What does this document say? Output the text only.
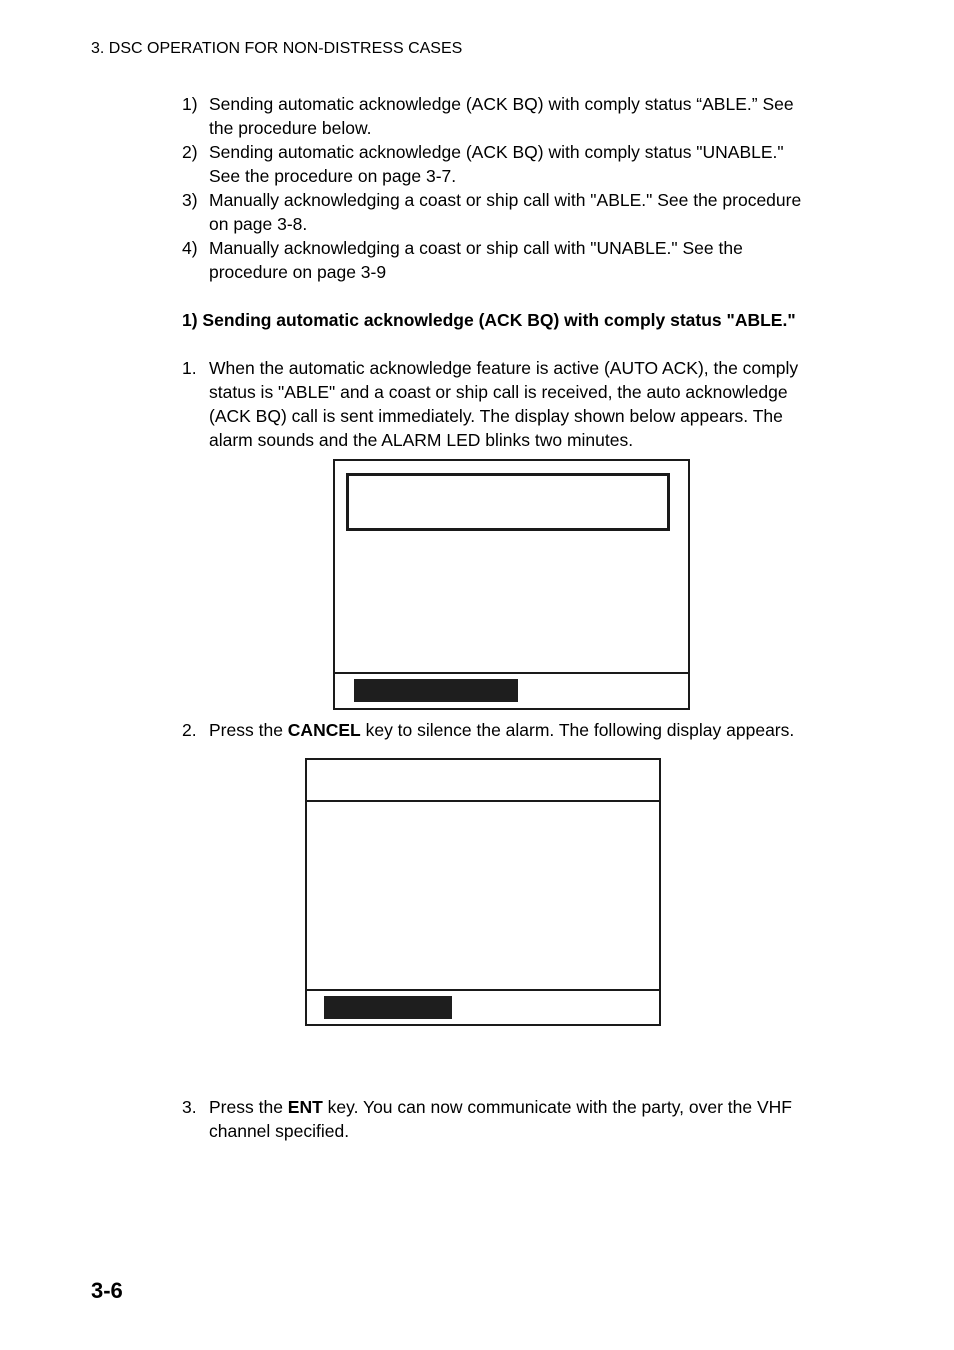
3. DSC OPERATION FOR NON-DISTRESS CASES
1) Sending automatic acknowledge (ACK BQ) with comply status “ABLE.” See
the procedure below.
2) Sending automatic acknowledge (ACK BQ) with comply status "UNABLE."
See the procedure on page 3-7.
3) Manually acknowledging a coast or ship call with "ABLE." See the procedure
on page 3-8.
4) Manually acknowledging a coast or ship call with "UNABLE." See the
procedure on page 3-9
1) Sending automatic acknowledge (ACK BQ) with comply status "ABLE."
1. When the automatic acknowledge feature is active (AUTO ACK), the comply
status is "ABLE" and a coast or ship call is received, the auto acknowledge
(ACK BQ) call is sent immediately. The display shown below appears. The
alarm sounds and the ALARM LED blinks two minutes.
2. Press the CANCEL key to silence the alarm. The following display appears.
3. Press the ENT key. You can now communicate with the party, over the VHF
channel specified.
3-6
